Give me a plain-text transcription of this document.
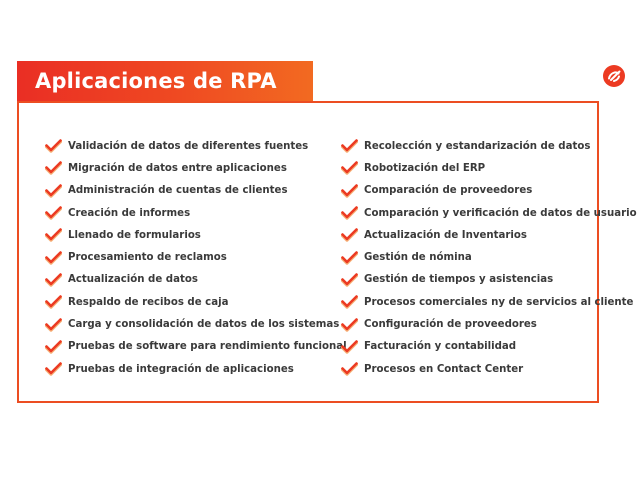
Aplicaciones de RPA
Validación de datos de diferentes fuentes
Migración de datos entre aplicaciones
Administración de cuentas de clientes
Creación de informes
Llenado de formularios
Procesamiento de reclamos
Actualización de datos
Respaldo de recibos de caja
Carga y consolidación de datos de los sistemas
Pruebas de software para rendimiento funcional
Pruebas de integración de aplicaciones
Recolección y estandarización de datos
Robotización del ERP
Comparación de proveedores
Comparación y verificación de datos de usuario
Actualización de Inventarios
Gestión de nómina
Gestión de tiempos y asistencias
Procesos comerciales ny de servicios al cliente
Configuración de proveedores
Facturación y contabilidad
Procesos en Contact Center
